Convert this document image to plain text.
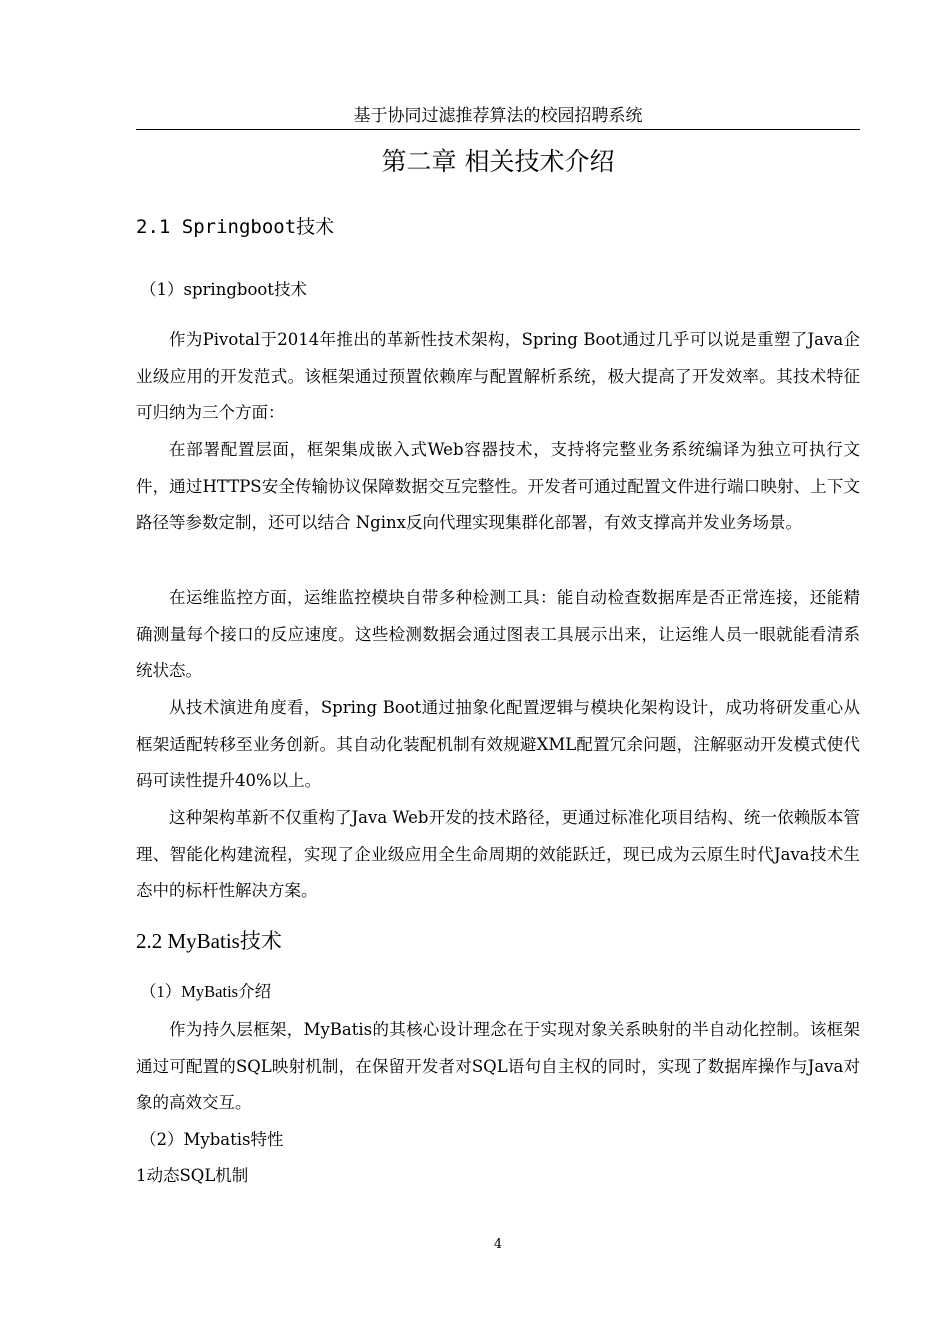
基于协同过滤推荐算法的校园招聘系统
第二章 相关技术介绍
2.1 Springboot技术
（1）springboot技术

作为Pivotal于2014年推出的革新性技术架构，Spring Boot通过几乎可以说是重塑了Java企业级应用的开发范式。该框架通过预置依赖库与配置解析系统，极大提高了开发效率。其技术特征可归纳为三个方面：

在部署配置层面，框架集成嵌入式Web容器技术，支持将完整业务系统编译为独立可执行文件，通过HTTPS安全传输协议保障数据交互完整性。开发者可通过配置文件进行端口映射、上下文路径等参数定制，还可以结合 Nginx反向代理实现集群化部署，有效支撑高并发业务场景。

在运维监控方面，运维监控模块自带多种检测工具：能自动检查数据库是否正常连接，还能精确测量每个接口的反应速度。这些检测数据会通过图表工具展示出来，让运维人员一眼就能看清系统状态。

从技术演进角度看，Spring Boot通过抽象化配置逻辑与模块化架构设计，成功将研发重心从框架适配转移至业务创新。其自动化装配机制有效规避XML配置冗余问题，注解驱动开发模式使代码可读性提升40%以上。

这种架构革新不仅重构了Java Web开发的技术路径，更通过标准化项目结构、统一依赖版本管理、智能化构建流程，实现了企业级应用全生命周期的效能跃迁，现已成为云原生时代Java技术生态中的标杆性解决方案。

2.2 MyBatis技术
（1）MyBatis介绍

作为持久层框架，MyBatis的其核心设计理念在于实现对象关系映射的半自动化控制。该框架通过可配置的SQL映射机制，在保留开发者对SQL语句自主权的同时，实现了数据库操作与Java对象的高效交互。

（2）Mybatis特性
1动态SQL机制
4
